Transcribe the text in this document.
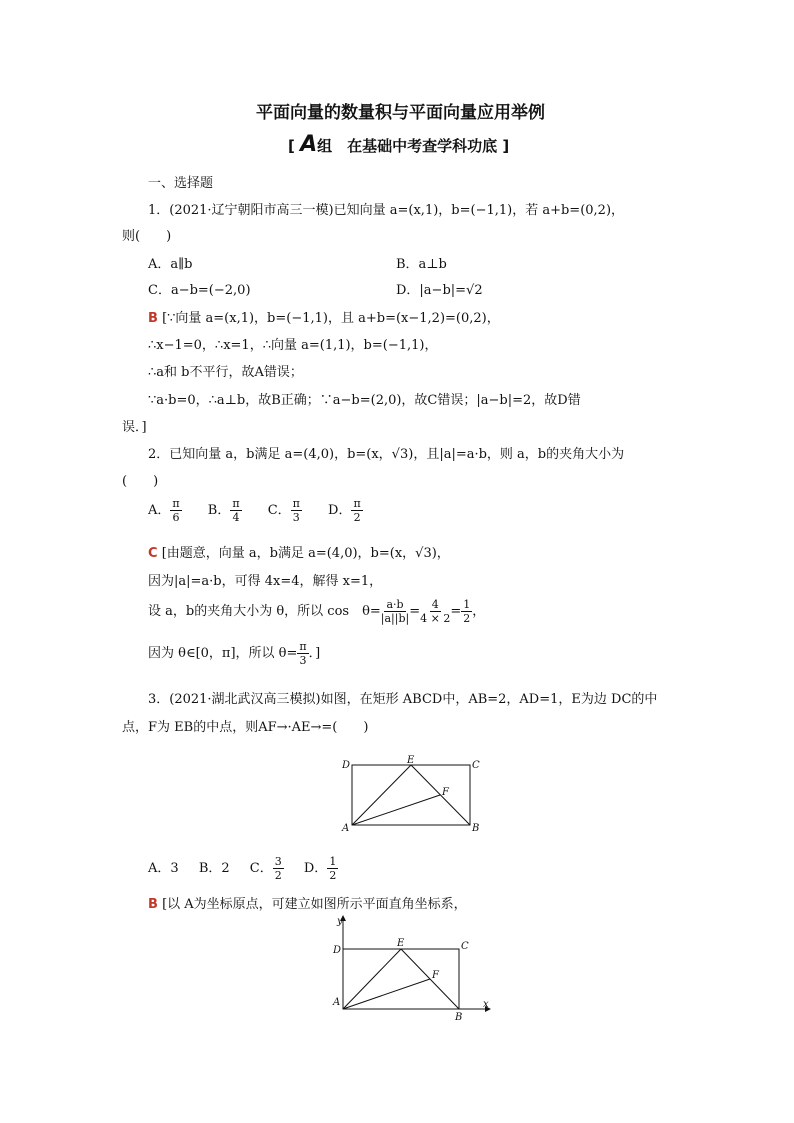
平面向量的数量积与平面向量应用举例
[ A组　在基础中考查学科功底 ]
一、选择题
1．(2021·辽宁朝阳市高三一模)已知向量 a=(x,1)，b=(−1,1)，若 a+b=(0,2)，
则(　　)
A．a∥b	B．a⊥b
C．a−b=(−2,0)	D．|a−b|=√2
B [∵向量 a=(x,1)，b=(−1,1)，且 a+b=(x−1,2)=(0,2)，
∴x−1=0，∴x=1，∴向量 a=(1,1)，b=(−1,1)，
∴a和 b不平行，故A错误；
∵a·b=0，∴a⊥b，故B正确；∵a−b=(2,0)，故C错误；|a−b|=2，故D错
误．]
2．已知向量 a，b满足 a=(4,0)，b=(x，√3)，且|a|=a·b，则 a，b的夹角大小为
(　　)
A． $\frac{\pi}{6}$ B． $\frac{\pi}{4}$ C． $\frac{\pi}{3}$ D． $\frac{\pi}{2}$
C [由题意，向量 a，b满足 a=(4,0)，b=(x，√3)，
因为|a|=a·b，可得 4x=4，解得 x=1，
设 a，b的夹角大小为 θ，所以 cos　$\theta= \frac{a\cdot b}{|a||b|} = \frac{4}{4 \times 2} = \frac{1}{2}$ ，
因为 θ∈[0，π]，所以 $\theta= \frac{\pi}{3}$ ．]
3．(2021·湖北武汉高三模拟)如图，在矩形 ABCD中，AB=2，AD=1，E为边 DC的中
点，F为 EB的中点，则AF→·AE→=(　　)
A	B
C
D	E
F
A．3 B．2 C． $\frac{3}{2}$ D． $\frac{1}{2}$
B [以 A为坐标原点，可建立如图所示平面直角坐标系，
A
B
C
D
E
F
x
y
